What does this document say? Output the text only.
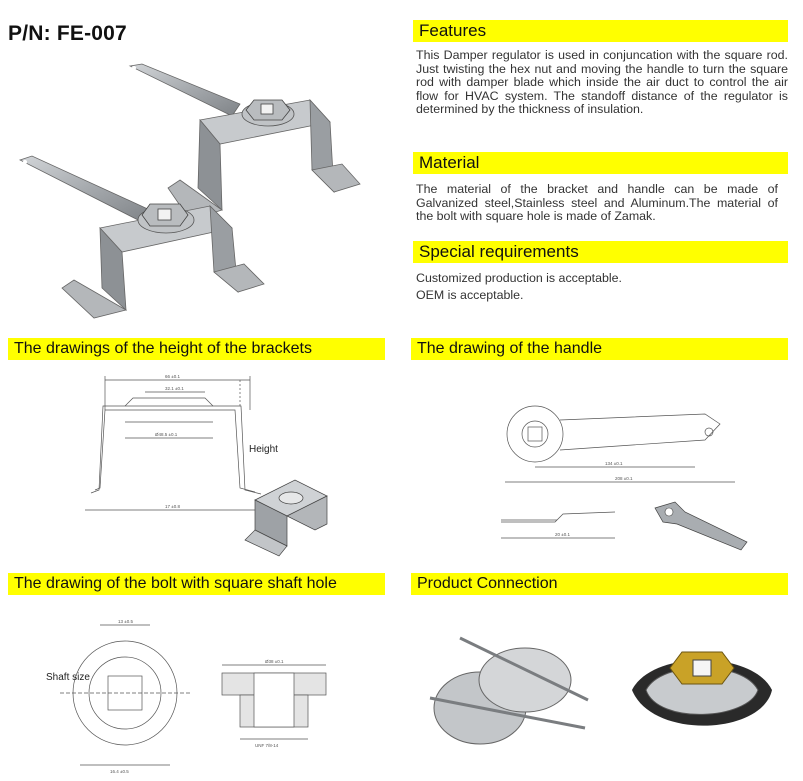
P/N: FE-007	Features
This Damper regulator is used in conjuncation with the square rod. Just twisting the hex nut and moving the handle to turn the square rod with damper blade which inside the air duct to control the air flow for HVAC system. The standoff distance of the regulator is determined by the thickness of insulation.
Material
The material of the bracket and handle can be made of Galvanized steel,Stainless steel and Aluminum.The material of the bolt with square hole is made of Zamak.
Special requirements
Customized production is acceptable.
OEM is acceptable.
The drawings of the height of the brackets	The drawing of the handle
The drawing of the bolt with square shaft hole	Product Connection
66 ±0.1
32.1 ±0.1
Ø48.5 ±0.1
17 ±0.8
Height
134 ±0.1
208 ±0.1
20 ±0.1
13 ±0.5
16.4 ±0.5
Shaft size
Ø38 ±0.1
UNF 7/8-14
